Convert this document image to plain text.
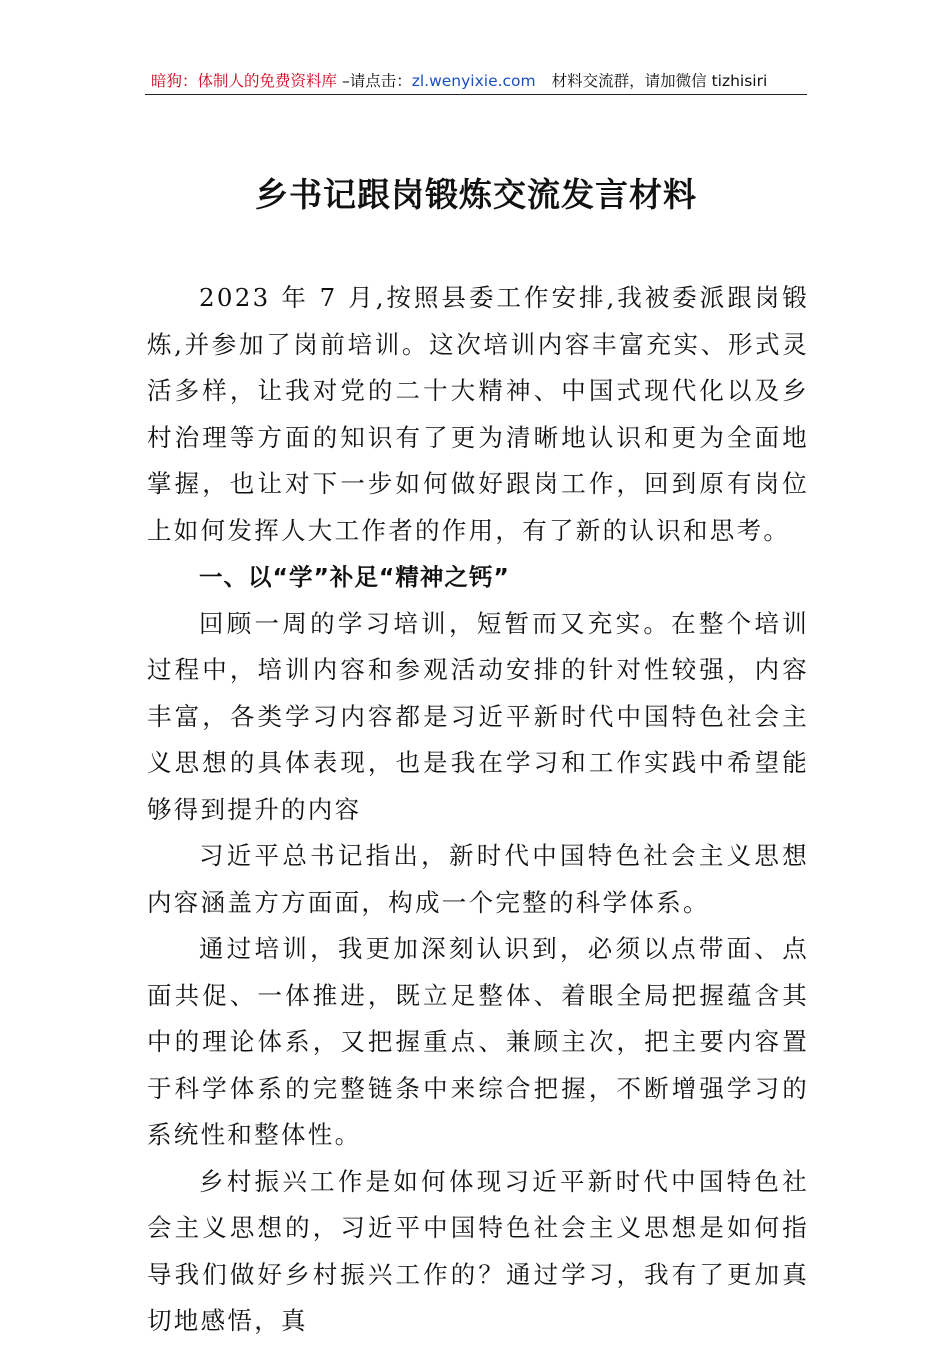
暗狗：体制人的免费资料库 –请点击：zl.wenyixie.com 材料交流群，请加微信 tizhisiri
乡书记跟岗锻炼交流发言材料

2023 年 7 月,按照县委工作安排,我被委派跟岗锻炼,并参加了岗前培训。这次培训内容丰富充实、形式灵活多样，让我对党的二十大精神、中国式现代化以及乡村治理等方面的知识有了更为清晰地认识和更为全面地掌握，也让对下一步如何做好跟岗工作，回到原有岗位上如何发挥人大工作者的作用，有了新的认识和思考。

一、以“学”补足“精神之钙”

回顾一周的学习培训，短暂而又充实。在整个培训过程中，培训内容和参观活动安排的针对性较强，内容丰富，各类学习内容都是习近平新时代中国特色社会主义思想的具体表现，也是我在学习和工作实践中希望能够得到提升的内容

习近平总书记指出，新时代中国特色社会主义思想内容涵盖方方面面，构成一个完整的科学体系。

通过培训，我更加深刻认识到，必须以点带面、点面共促、一体推进，既立足整体、着眼全局把握蕴含其中的理论体系，又把握重点、兼顾主次，把主要内容置于科学体系的完整链条中来综合把握，不断增强学习的系统性和整体性。

乡村振兴工作是如何体现习近平新时代中国特色社会主义思想的，习近平中国特色社会主义思想是如何指导我们做好乡村振兴工作的？通过学习，我有了更加真切地感悟，真
